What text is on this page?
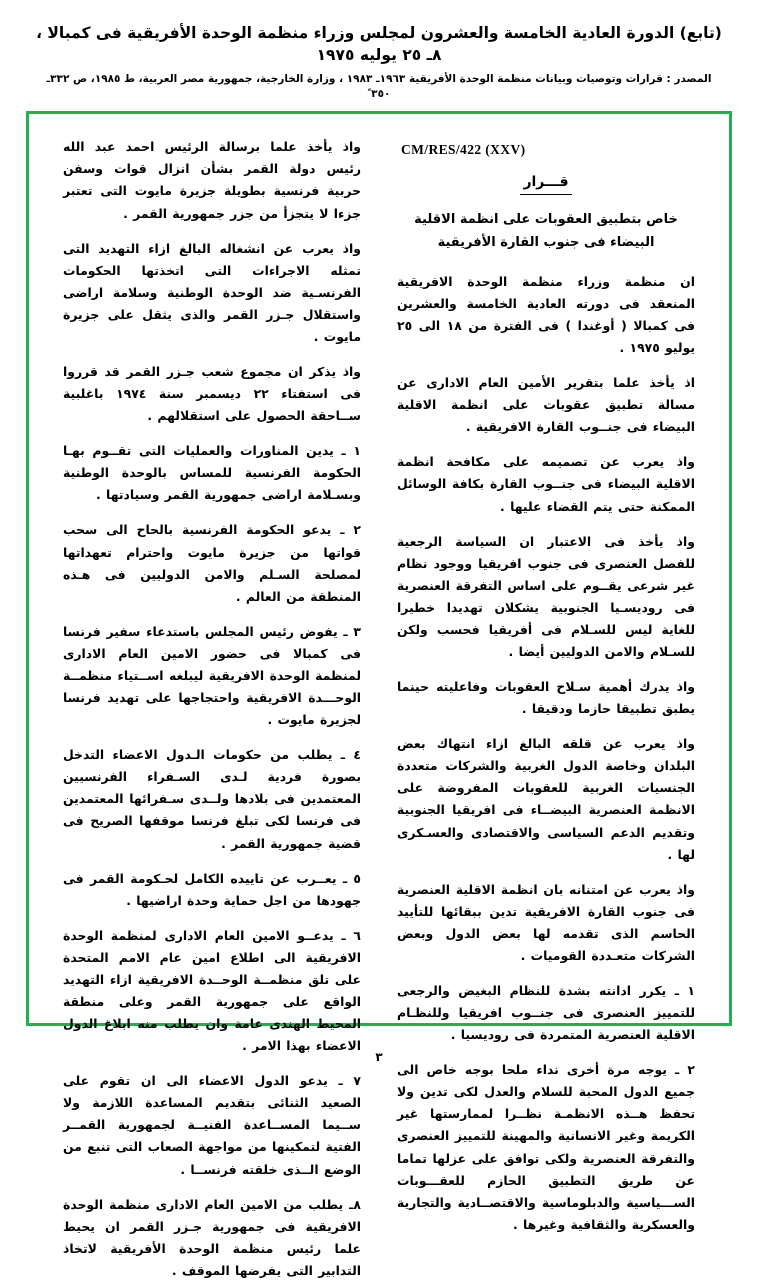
(تابع) الدورة العادية الخامسة والعشرون لمجلس وزراء منظمة الوحدة الأفريقية فى كمبالا ، ٨ـ ٢٥ يوليه ١٩٧٥
المصدر : قرارات وتوصيات وبيانات منظمة الوحدة الأفريقية ١٩٦٣ـ ١٩٨٣ ، وزارة الخارجية، جمهورية مصر العربية، ط ١٩٨٥، ص ٣٣٢ـ ٣٥٠ ً
CM/RES/422 (XXV)
قـــرار
خاص بتطبيق العقوبات على انظمة الاقلية البيضاء فى جنوب القارة الأفريقية

ان منظمة وزراء منظمة الوحدة الافريقية المنعقد فى دورته العادية الخامسة والعشرين فى كمبالا ( أوغندا ) فى الفترة من ١٨ الى ٢٥ يوليو ١٩٧٥ .

اذ يأخذ علما بتقرير الأمين العام الادارى عن مسالة تطبيق عقوبات على انظمة الاقلية البيضاء فى جنــوب القارة الافريقية .

واذ يعرب عن تصميمه على مكافحة انظمة الاقلية البيضاء فى جنــوب القارة بكافة الوسائل الممكنة حتى يتم القضاء عليها .

واذ يأخذ فى الاعتبار ان السياسة الرجعية للفصل العنصرى فى جنوب افريقيا ووجود نظام غير شرعى يقــوم على اساس التفرقة العنصرية فى روديسـيا الجنوبية يشكلان تهديدا خطيرا للغاية ليس للسـلام فى أفريقيا فحسب ولكن للسـلام والامن الدوليين أيضا .

واذ يدرك أهمية سـلاح العقوبات وفاعليته حينما يطبق تطبيقا حازما ودقيقا .

واذ يعرب عن قلقه البالغ ازاء انتهاك بعض البلدان وخاصة الدول الغربية والشركات متعددة الجنسيات الغربية للعقوبات المفروضة على الانظمة العنصرية البيضــاء فى افريقيا الجنوبية وتقديم الدعم السياسى والاقتصادى والعسـكرى لها .

واذ يعرب عن امتنانه بان انظمة الاقلية العنصرية فى جنوب القارة الافريقية تدين ببقائها للتأييد الحاسم الذى تقدمه لها بعض الدول وبعض الشركات متعـددة القوميات .

١ ـ يكرر ادانته بشدة للنظام البغيض والرجعى للتمييز العنصرى فى جنــوب افريقيا وللنظـام الاقلية العنصرية المتمردة فى روديسيا .

٢ ـ يوجه مرة أخرى نداء ملحا بوجه خاص الى جميع الدول المحبة للسلام والعدل لكى تدين ولا تحفظ هــذه الانظمـة نظــرا لممارستها غير الكريمة وغير الانسانية والمهينة للتمييز العنصرى والتفرقة العنصرية ولكى توافق على عزلها تماما عن طريق التطبيق الحازم للعقـــوبات الســـياسية والدبلوماسية والاقتصــادية والتجارية والعسكرية والثقافية وغيرها .

واذ يأخذ علما برسالة الرئيس احمد عبد الله رئيس دولة القمر بشأن انزال قوات وسفن حربية فرنسية بطويلة جزيرة مايوت التى تعتبر جزءا لا يتجزأ من جزر جمهورية القمر .

واذ يعرب عن انشغاله البالغ ازاء التهديد التى تمثله الاجراءات التى اتخذتها الحكومات الفرنسـية ضد الوحدة الوطنية وسلامة اراضى واستقلال جـزر القمر والذى يثقل على جزيرة مايوت .

واذ يذكر ان مجموع شعب جـزر القمر قد قرروا فى استفتاء ٢٢ ديسمبر سنة ١٩٧٤ باغلبية ســاحقة الحصول على استقلالهم .

١ ـ يدين المناورات والعمليات التى تقــوم بهـا الحكومة الفرنسية للمساس بالوحدة الوطنية وبسـلامة اراضى جمهورية القمر وسيادتها .

٢ ـ يدعو الحكومة الفرنسية بالحاح الى سحب قواتها من جزيرة مايوت واحترام تعهداتها لمصلحة السـلم والامن الدوليين فى هـذه المنطقة من العالم .

٣ ـ يفوض رئيس المجلس باستدعاء سفير فرنسا فى كمبالا فى حضور الامين العام الادارى لمنظمة الوحدة الافريقية ليبلغه اســتياء منظمــة الوحـــدة الافريقية واحتجاجها على تهديد فرنسا لجزيرة مايوت .

٤ ـ يطلب من حكومات الـدول الاعضاء التدخل بصورة فردية لـدى السـفراء الفرنسيين المعتمدين فى بلادها ولــدى سـفرائها المعتمدين فى فرنسا لكى تبلغ فرنسا موقفها الصريح فى قضية جمهورية القمر .

٥ ـ يعــرب عن تاييده الكامل لحـكومة القمر فى جهودها من اجل حماية وحدة اراضيها .

٦ ـ يدعــو الامين العام الادارى لمنظمة الوحدة الافريقية الى اطلاع امين عام الامم المتحدة على تلق منظمــة الوحــدة الافريقية ازاء التهديد الواقع على جمهورية القمر وعلى منطقة المحيط الهندى عامة وان يطلب منه ابلاغ الدول الاعضاء بهذا الامر .

٧ ـ يدعو الدول الاعضاء الى ان تقوم على الصعيد الثنائى بتقديم المساعدة اللازمة ولا ســيما المســاعدة الفنيــة لجمهورية القمــر الفتية لتمكينها من مواجهة الصعاب التى تنبع من الوضع الــذى خلقته فرنســا .

٨ـ يطلب من الامين العام الادارى منظمة الوحدة الافريقية فى جمهورية جـزر القمر ان يحيط علما رئيس منظمة الوحدة الأفريقية لاتخاذ التدابير التى يفرضها الموقف .

٣
